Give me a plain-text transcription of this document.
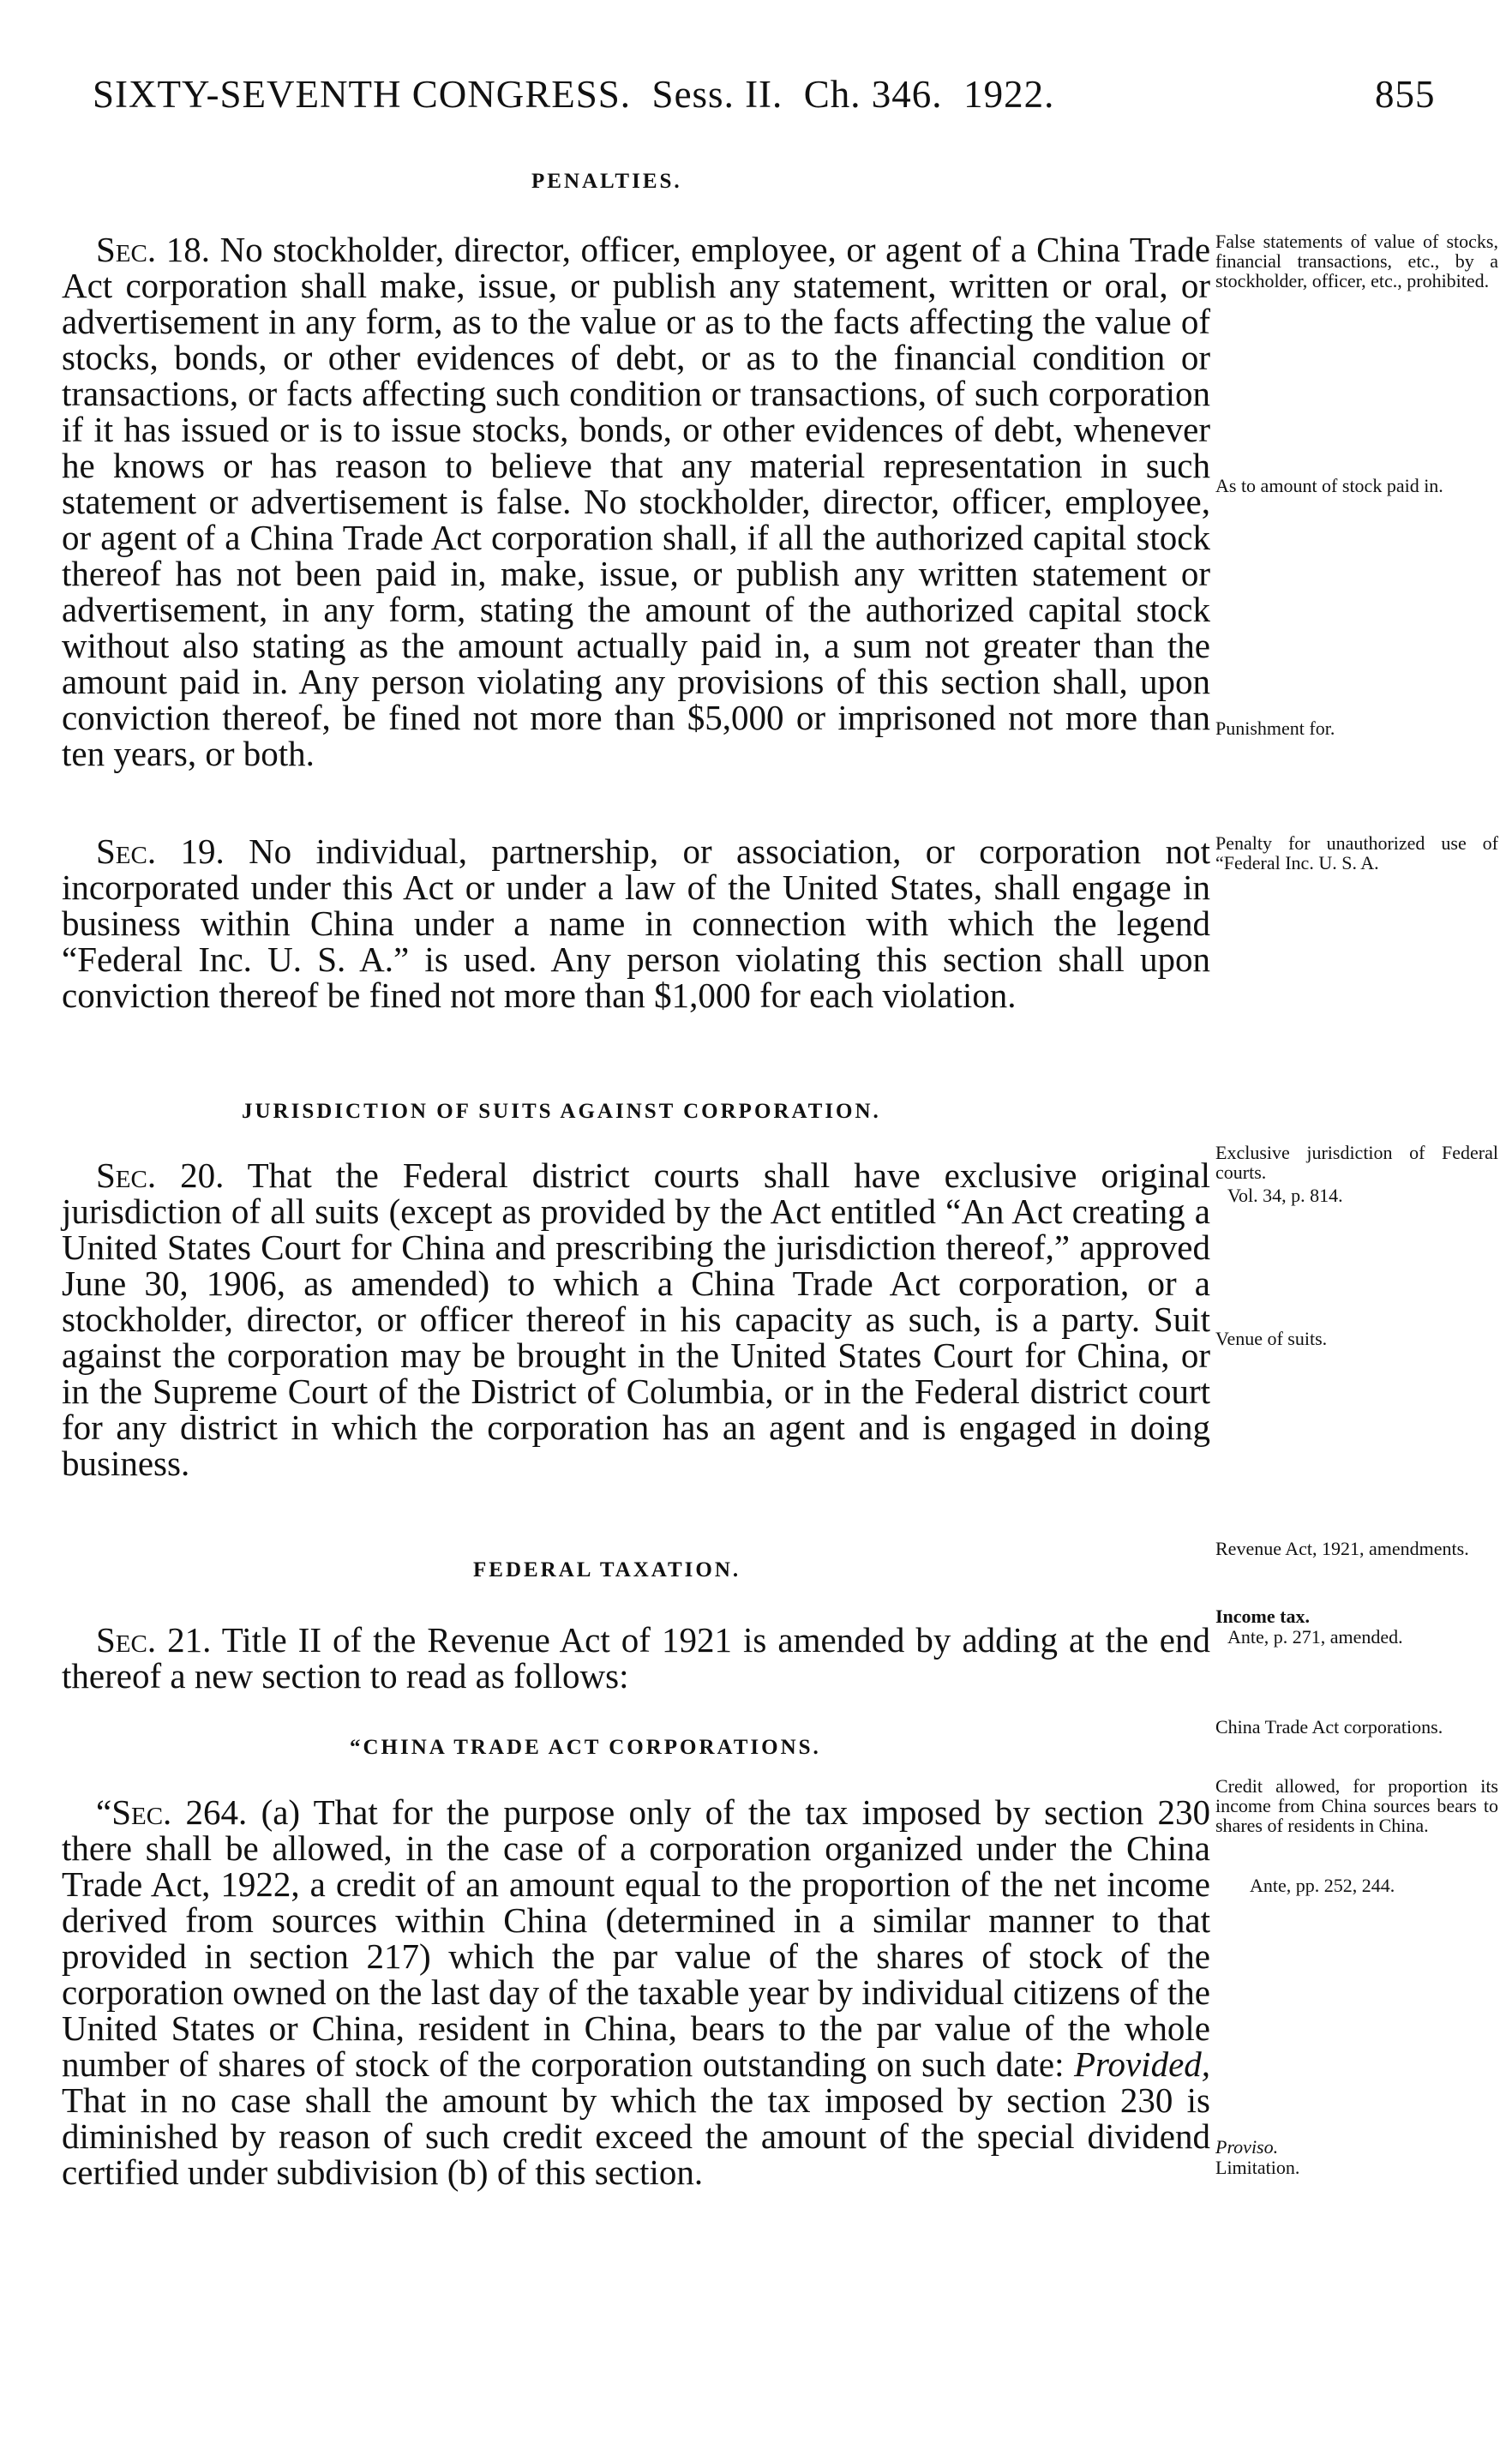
SIXTY-SEVENTH CONGRESS. Sess. II. Ch. 346. 1922.	855
PENALTIES.

Sec. 18. No stockholder, director, officer, employee, or agent of a China Trade Act corporation shall make, issue, or publish any statement, written or oral, or advertisement in any form, as to the value or as to the facts affecting the value of stocks, bonds, or other evidences of debt, or as to the financial condition or transactions, or facts affecting such condition or transactions, of such corporation if it has issued or is to issue stocks, bonds, or other evidences of debt, whenever he knows or has reason to believe that any material representation in such statement or advertisement is false. No stockholder, director, officer, employee, or agent of a China Trade Act corporation shall, if all the authorized capital stock thereof has not been paid in, make, issue, or publish any written statement or advertisement, in any form, stating the amount of the authorized capital stock without also stating as the amount actually paid in, a sum not greater than the amount paid in. Any person violating any provisions of this section shall, upon conviction thereof, be fined not more than $5,000 or imprisoned not more than ten years, or both.

Sec. 19. No individual, partnership, or association, or corporation not incorporated under this Act or under a law of the United States, shall engage in business within China under a name in connection with which the legend “Federal Inc. U. S. A.” is used. Any person violating this section shall upon conviction thereof be fined not more than $1,000 for each violation.

JURISDICTION OF SUITS AGAINST CORPORATION.

Sec. 20. That the Federal district courts shall have exclusive original jurisdiction of all suits (except as provided by the Act entitled “An Act creating a United States Court for China and prescribing the jurisdiction thereof,” approved June 30, 1906, as amended) to which a China Trade Act corporation, or a stockholder, director, or officer thereof in his capacity as such, is a party. Suit against the corporation may be brought in the United States Court for China, or in the Supreme Court of the District of Columbia, or in the Federal district court for any district in which the corporation has an agent and is engaged in doing business.

FEDERAL TAXATION.

Sec. 21. Title II of the Revenue Act of 1921 is amended by adding at the end thereof a new section to read as follows:

“CHINA TRADE ACT CORPORATIONS.

“Sec. 264. (a) That for the purpose only of the tax imposed by section 230 there shall be allowed, in the case of a corporation organized under the China Trade Act, 1922, a credit of an amount equal to the proportion of the net income derived from sources within China (determined in a similar manner to that provided in section 217) which the par value of the shares of stock of the corporation owned on the last day of the taxable year by individual citizens of the United States or China, resident in China, bears to the par value of the whole number of shares of stock of the corporation outstanding on such date: Provided, That in no case shall the amount by which the tax imposed by section 230 is diminished by reason of such credit exceed the amount of the special dividend certified under subdivision (b) of this section.

False statements of value of stocks, financial transactions, etc., by a stockholder, officer, etc., prohibited.
As to amount of stock paid in.
Punishment for.
Penalty for unauthorized use of “Federal Inc. U. S. A.
Exclusive jurisdiction of Federal courts.
Vol. 34, p. 814.
Venue of suits.
Revenue Act, 1921, amendments.
Income tax.
Ante, p. 271, amended.
China Trade Act corporations.
Credit allowed, for proportion its income from China sources bears to shares of residents in China.
Ante, pp. 252, 244.
Proviso.
Limitation.
